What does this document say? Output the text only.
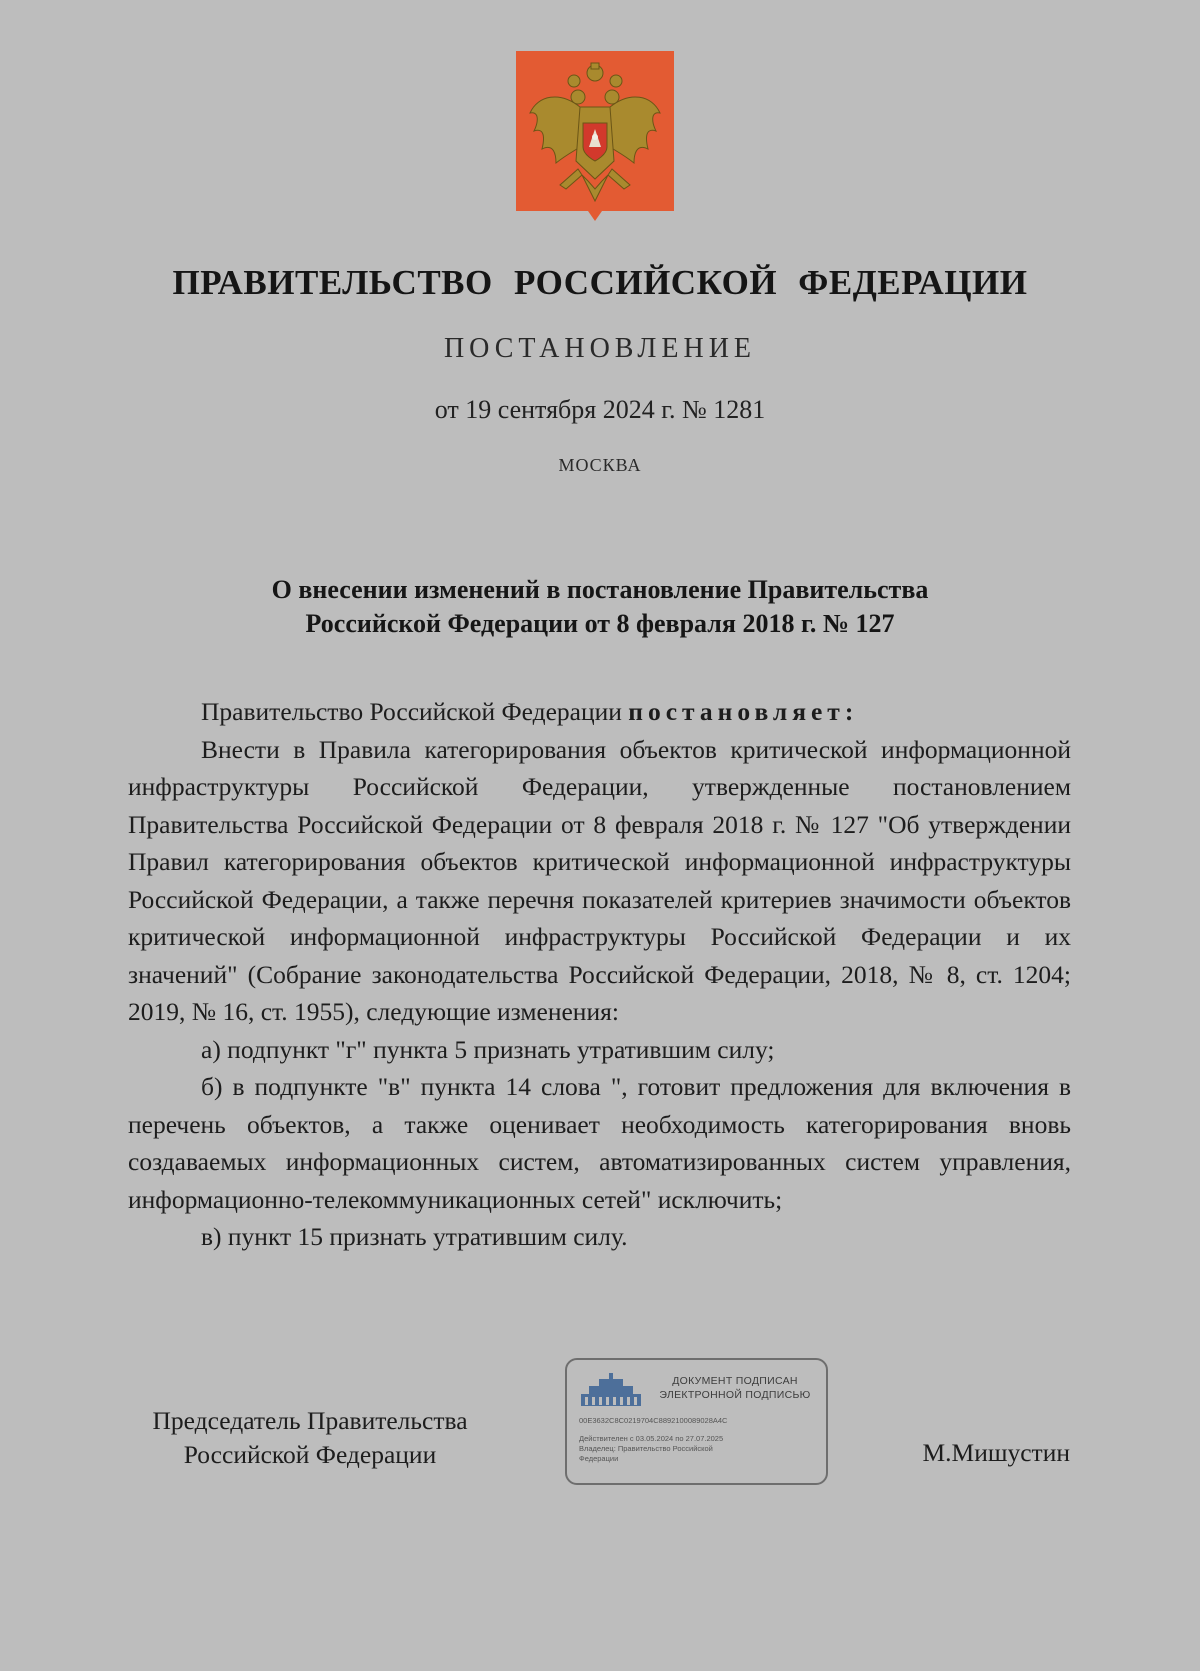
ПРАВИТЕЛЬСТВО РОССИЙСКОЙ ФЕДЕРАЦИИ
ПОСТАНОВЛЕНИЕ
от 19 сентября 2024 г. № 1281
МОСКВА
О внесении изменений в постановление Правительства
Российской Федерации от 8 февраля 2018 г. № 127

Правительство Российской Федерации постановляет:

Внести в Правила категорирования объектов критической информационной инфраструктуры Российской Федерации, утвержденные постановлением Правительства Российской Федерации от 8 февраля 2018 г. № 127 "Об утверждении Правил категорирования объектов критической информационной инфраструктуры Российской Федерации, а также перечня показателей критериев значимости объектов критической информационной инфраструктуры Российской Федерации и их значений" (Собрание законодательства Российской Федерации, 2018, № 8, ст. 1204; 2019, № 16, ст. 1955), следующие изменения:

а) подпункт "г" пункта 5 признать утратившим силу;

б) в подпункте "в" пункта 14 слова ", готовит предложения для включения в перечень объектов, а также оценивает необходимость категорирования вновь создаваемых информационных систем, автоматизированных систем управления, информационно-телекоммуникационных сетей" исключить;

в) пункт 15 признать утратившим силу.

Председатель Правительства
Российской Федерации
ДОКУМЕНТ ПОДПИСАН
ЭЛЕКТРОННОЙ ПОДПИСЬЮ
00E3632C8C0219704C8892100089028A4C
Действителен с 03.05.2024 по 27.07.2025
Владелец: Правительство Российской
Федерации	М.Мишустин
